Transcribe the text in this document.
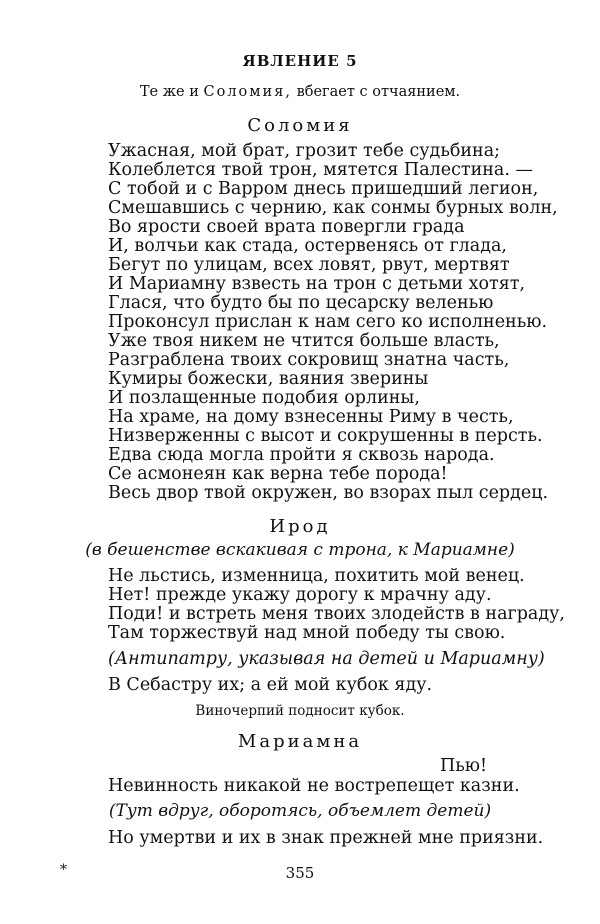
ЯВЛЕНИЕ 5
Те же и Соломия, вбегает с отчаянием.
Соломия
Ужасная, мой брат, грозит тебе судьбина;
Колеблется твой трон, мятется Палестина. —
С тобой и с Варром днесь пришедший легион,
Смешавшись с чернию, как сонмы бурных волн,
Во ярости своей врата повергли града
И, волчьи как стада, остервенясь от глада,
Бегут по улицам, всех ловят, рвут, мертвят
И Мариамну взвесть на трон с детьми хотят,
Глася, что будто бы по цесарску веленью
Проконсул прислан к нам сего ко исполненью.
Уже твоя никем не чтится больше власть,
Разграблена твоих сокровищ знатна часть,
Кумиры божески, ваяния зверины
И позлащенные подобия орлины,
На храме, на дому взнесенны Риму в честь,
Низверженны с высот и сокрушенны в персть.
Едва сюда могла пройти я сквозь народа.
Се асмонеян как верна тебе порода!
Весь двор твой окружен, во взорах пыл сердец.
Ирод
(в бешенстве вскакивая с трона, к Мариамне)
Не льстись, изменница, похитить мой венец.
Нет! прежде укажу дорогу к мрачну аду.
Поди! и встреть меня твоих злодейств в награду,
Там торжествуй над мной победу ты свою.
(Антипатру, указывая на детей и Мариамну)
В Себастру их; а ей мой кубок яду.
Виночерпий подносит кубок.
Мариамна
Пью!
Невинность никакой не вострепещет казни.
(Тут вдруг, оборотясь, объемлет детей)
Но умертви и их в знак прежней мне приязни.
*	355
